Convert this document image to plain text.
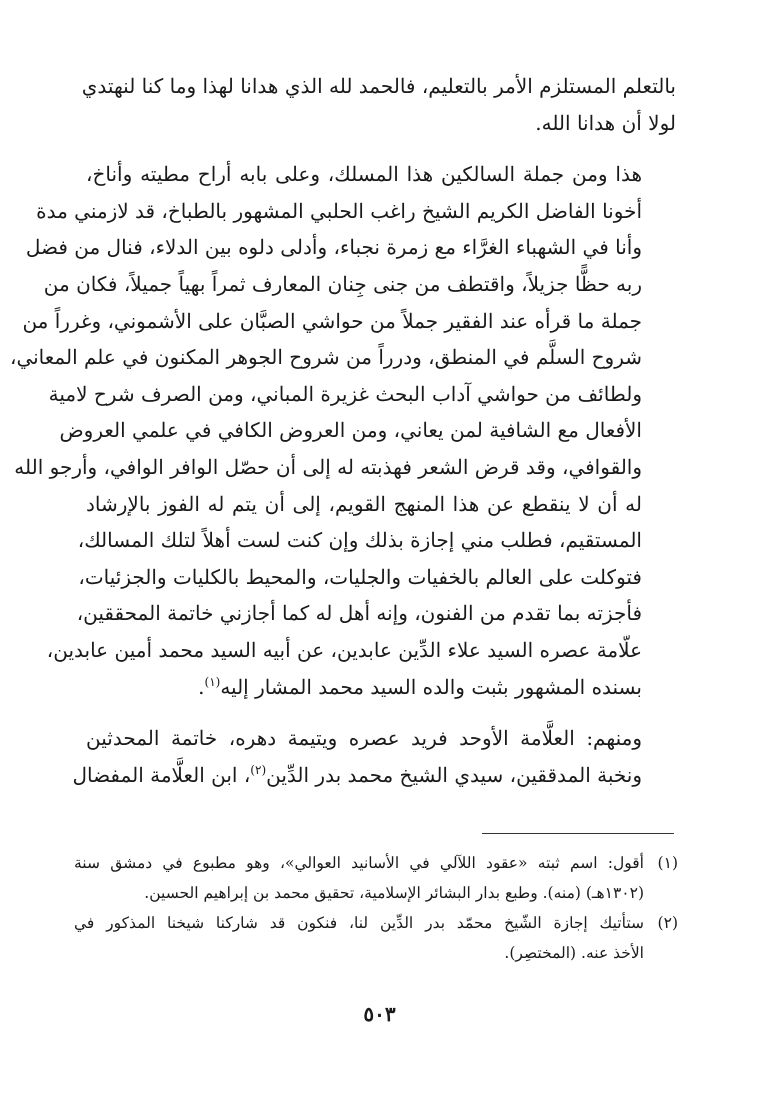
بالتعلم المستلزم الأمر بالتعليم، فالحمد لله الذي هدانا لهذا وما كنا لنهتدي
لولا أن هدانا الله.

هذا ومن جملة السالكين هذا المسلك، وعلى بابه أراح مطيته وأناخ،
أخونا الفاضل الكريم الشيخ راغب الحلبي المشهور بالطباخ، قد لازمني مدة
وأنا في الشهباء الغرَّاء مع زمرة نجباء، وأدلى دلوه بين الدلاء، فنال من فضل
ربه حظًّا جزيلاً، واقتطف من جنى جِنان المعارف ثمراً بهياً جميلاً، فكان من
جملة ما قرأه عند الفقير جملاً من حواشي الصبَّان على الأشموني، وغرراً من
شروح السلَّم في المنطق، ودرراً من شروح الجوهر المكنون في علم المعاني،
ولطائف من حواشي آداب البحث غزيرة المباني، ومن الصرف شرح لامية
الأفعال مع الشافية لمن يعاني، ومن العروض الكافي في علمي العروض
والقوافي، وقد قرض الشعر فهذبته له إلى أن حصّل الوافر الوافي، وأرجو الله
له أن لا ينقطع عن هذا المنهج القويم، إلى أن يتم له الفوز بالإرشاد
المستقيم، فطلب مني إجازة بذلك وإن كنت لست أهلاً لتلك المسالك،
فتوكلت على العالم بالخفيات والجليات، والمحيط بالكليات والجزئيات،
فأجزته بما تقدم من الفنون، وإنه أهل له كما أجازني خاتمة المحققين،
علّامة عصره السيد علاء الدِّين عابدين، عن أبيه السيد محمد أمين عابدين،
بسنده المشهور بثبت والده السيد محمد المشار إليه$^{(١)}$.

ومنهم: العلَّامة الأوحد فريد عصره ويتيمة دهره، خاتمة المحدثين
ونخبة المدققين، سيدي الشيخ محمد بدر الدِّين$^{(٢)}$، ابن العلَّامة المفضال

(١)
أقول: اسم ثبته «عقود اللآلي في الأسانيد العوالي»، وهو مطبوع في دمشق سنة
(١٣٠٢هـ) (منه). وطبع بدار البشائر الإسلامية، تحقيق محمد بن إبراهيم الحسين.
(٢)
ستأتيك إجازة الشّيخ محمّد بدر الدِّين لنا، فنكون قد شاركنا شيخنا المذكور في
الأخذ عنه. (المختصِر).
٥٠٣
